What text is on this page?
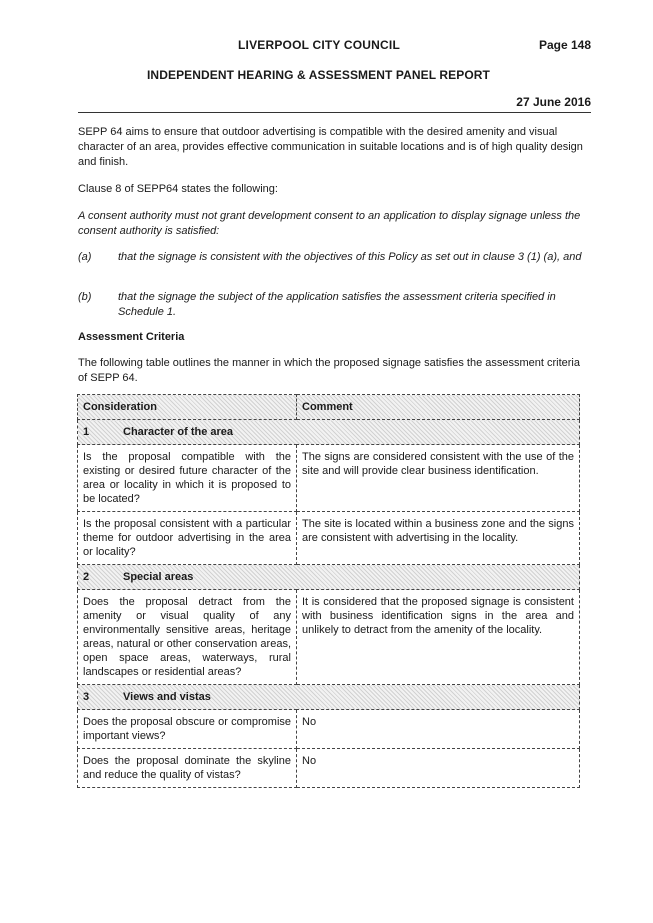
LIVERPOOL CITY COUNCIL	Page 148
INDEPENDENT HEARING & ASSESSMENT PANEL REPORT
27 June 2016
SEPP 64 aims to ensure that outdoor advertising is compatible with the desired amenity and visual character of an area, provides effective communication in suitable locations and is of high quality design and finish.
Clause 8 of SEPP64 states the following:
A consent authority must not grant development consent to an application to display signage unless the consent authority is satisfied:
(a) that the signage is consistent with the objectives of this Policy as set out in clause 3 (1) (a), and
(b) that the signage the subject of the application satisfies the assessment criteria specified in Schedule 1.
Assessment Criteria
The following table outlines the manner in which the proposed signage satisfies the assessment criteria of SEPP 64.
Consideration	Comment
1 Character of the area	
Is the proposal compatible with the existing or desired future character of the area or locality in which it is proposed to be located?	The signs are considered consistent with the use of the site and will provide clear business identification.
Is the proposal consistent with a particular theme for outdoor advertising in the area or locality?	The site is located within a business zone and the signs are consistent with advertising in the locality.
2 Special areas	
Does the proposal detract from the amenity or visual quality of any environmentally sensitive areas, heritage areas, natural or other conservation areas, open space areas, waterways, rural landscapes or residential areas?	It is considered that the proposed signage is consistent with business identification signs in the area and unlikely to detract from the amenity of the locality.
3 Views and vistas	
Does the proposal obscure or compromise important views?	No
Does the proposal dominate the skyline and reduce the quality of vistas?	No
